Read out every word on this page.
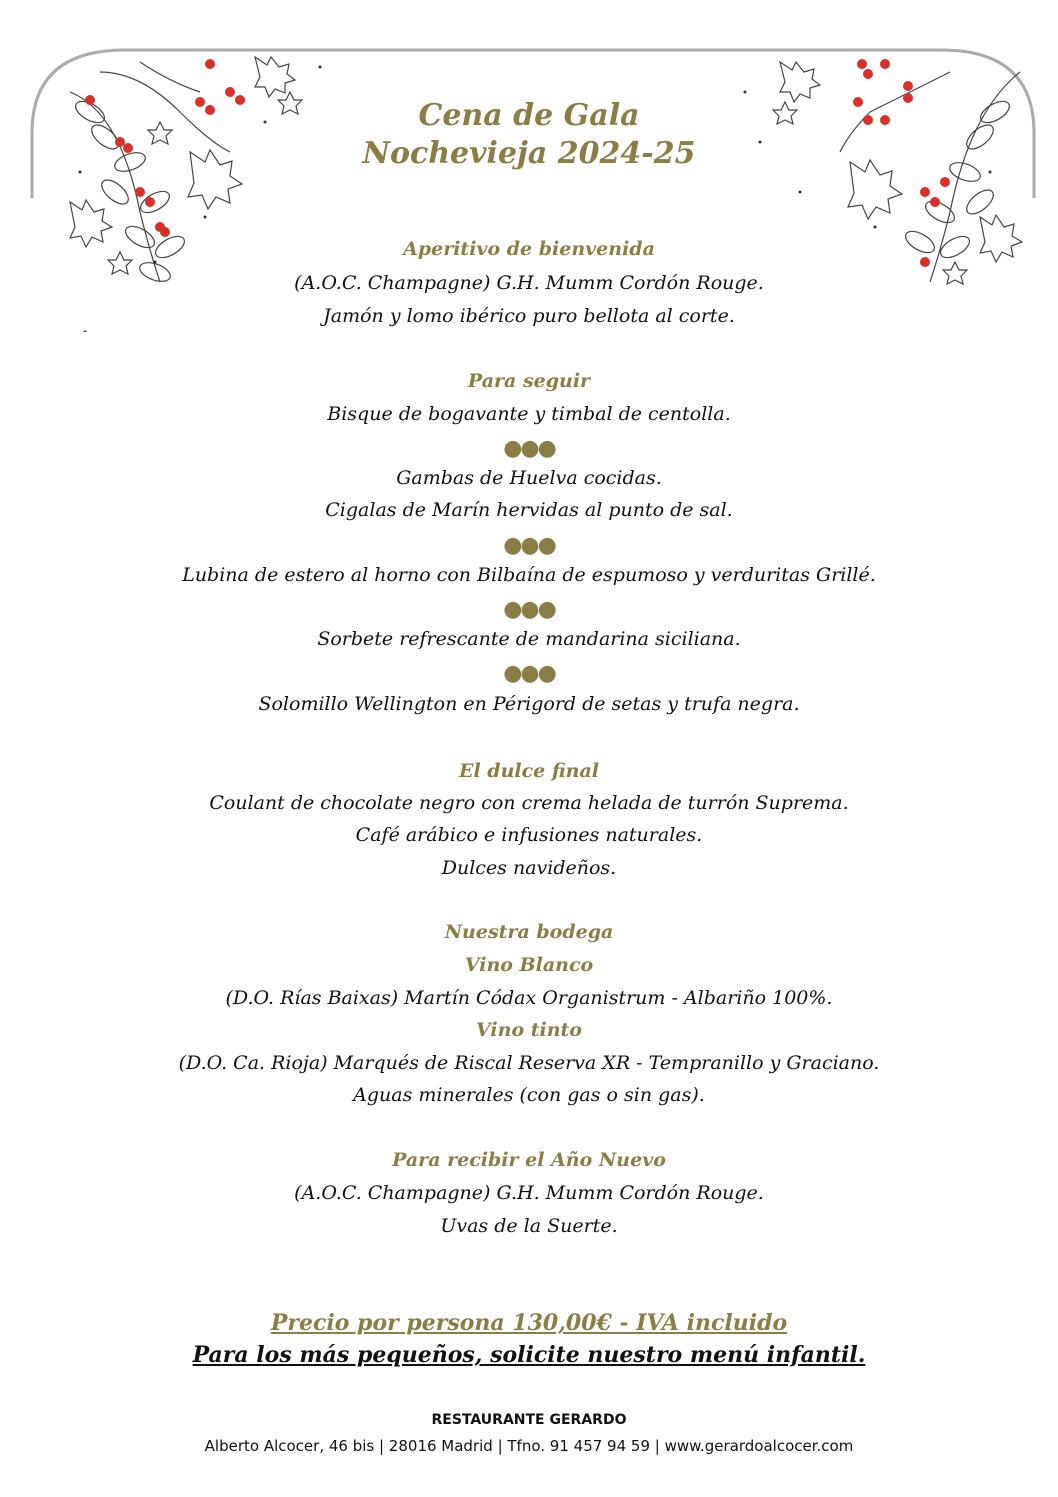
Cena de Gala
Nochevieja 2024-25
Aperitivo de bienvenida
(A.O.C. Champagne) G.H. Mumm Cordón Rouge.
Jamón y lomo ibérico puro bellota al corte.
Para seguir
Bisque de bogavante y timbal de centolla.
●●●
Gambas de Huelva cocidas.
Cigalas de Marín hervidas al punto de sal.
●●●
Lubina de estero al horno con Bilbaína de espumoso y verduritas Grillé.
●●●
Sorbete refrescante de mandarina siciliana.
●●●
Solomillo Wellington en Périgord de setas y trufa negra.
El dulce final
Coulant de chocolate negro con crema helada de turrón Suprema.
Café arábico e infusiones naturales.
Dulces navideños.
Nuestra bodega
Vino Blanco
(D.O. Rías Baixas) Martín Códax Organistrum - Albariño 100%.
Vino tinto
(D.O. Ca. Rioja) Marqués de Riscal Reserva XR - Tempranillo y Graciano.
Aguas minerales (con gas o sin gas).
Para recibir el Año Nuevo
(A.O.C. Champagne) G.H. Mumm Cordón Rouge.
Uvas de la Suerte.
Precio por persona 130,00€ - IVA incluido
Para los más pequeños, solicite nuestro menú infantil.
RESTAURANTE GERARDO
Alberto Alcocer, 46 bis | 28016 Madrid | Tfno. 91 457 94 59 | www.gerardoalcocer.com
